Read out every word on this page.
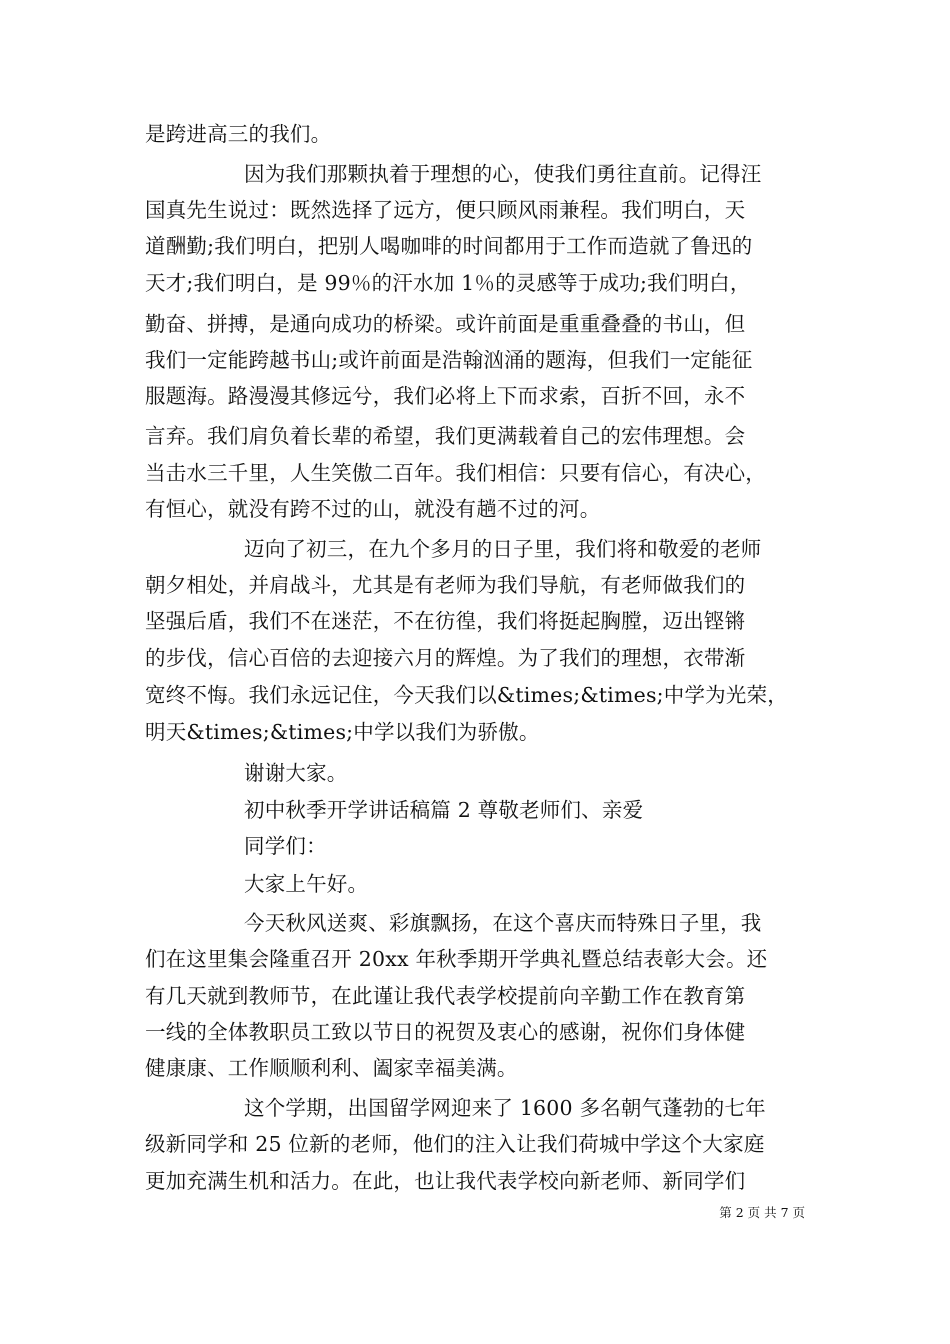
是跨进高三的我们。
因为我们那颗执着于理想的心，使我们勇往直前。记得汪
国真先生说过：既然选择了远方，便只顾风雨兼程。我们明白，天
道酬勤;我们明白，把别人喝咖啡的时间都用于工作而造就了鲁迅的
天才;我们明白，是 99％的汗水加 1％的灵感等于成功;我们明白，
勤奋、拼搏，是通向成功的桥梁。或许前面是重重叠叠的书山，但
我们一定能跨越书山;或许前面是浩翰汹涌的题海，但我们一定能征
服题海。路漫漫其修远兮，我们必将上下而求索，百折不回，永不
言弃。我们肩负着长辈的希望，我们更满载着自己的宏伟理想。会
当击水三千里，人生笑傲二百年。我们相信：只要有信心，有决心，
有恒心，就没有跨不过的山，就没有趟不过的河。
迈向了初三，在九个多月的日子里，我们将和敬爱的老师
朝夕相处，并肩战斗，尤其是有老师为我们导航，有老师做我们的
坚强后盾，我们不在迷茫，不在彷徨，我们将挺起胸膛，迈出铿锵
的步伐，信心百倍的去迎接六月的辉煌。为了我们的理想，衣带渐
宽终不悔。我们永远记住，今天我们以&times;&times;中学为光荣，
明天&times;&times;中学以我们为骄傲。
谢谢大家。
初中秋季开学讲话稿篇 2 尊敬老师们、亲爱
同学们：
大家上午好。
今天秋风送爽、彩旗飘扬，在这个喜庆而特殊日子里，我
们在这里集会隆重召开 20xx 年秋季期开学典礼暨总结表彰大会。还
有几天就到教师节，在此谨让我代表学校提前向辛勤工作在教育第
一线的全体教职员工致以节日的祝贺及衷心的感谢，祝你们身体健
健康康、工作顺顺利利、阖家幸福美满。
这个学期，出国留学网迎来了 1600 多名朝气蓬勃的七年
级新同学和 25 位新的老师，他们的注入让我们荷城中学这个大家庭
更加充满生机和活力。在此，也让我代表学校向新老师、新同学们
第 2 页 共 7 页
